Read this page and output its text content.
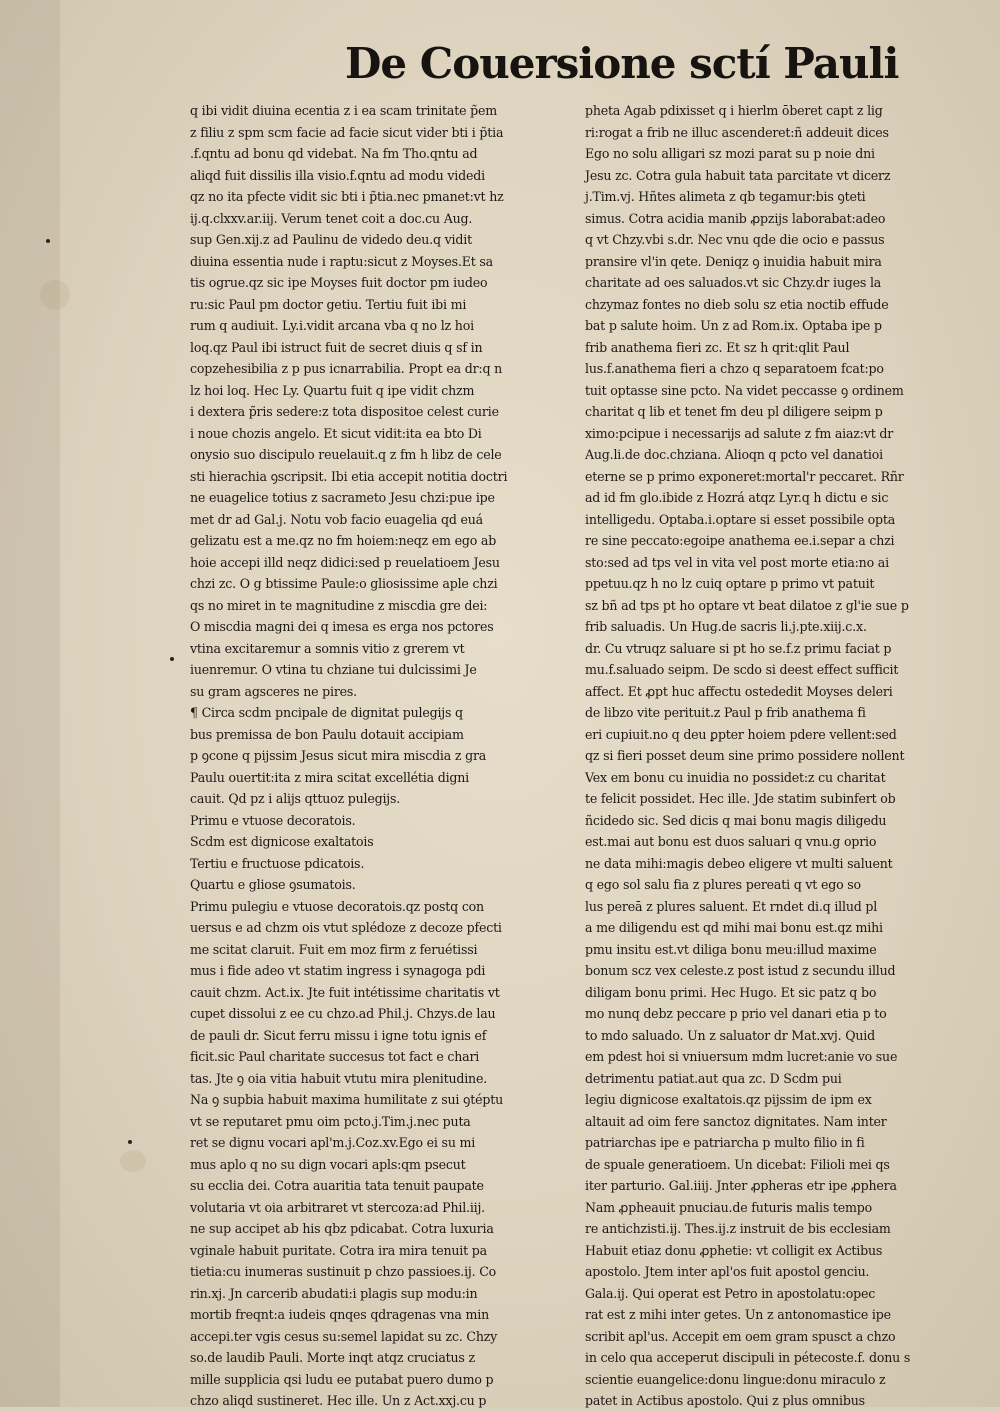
De Couersione sctí Pauli
q ibi vidit diuina ecentia z i ea scam trinitate p̃em
z filiu z spm scm facie ad facie sicut vider bti i p̃tia
.f.qntu ad bonu qd videbat. Na fm Tho.qntu ad
aliqd fuit dissilis illa visio.f.qntu ad modu videdi
qz no ita pfecte vidit sic bti i p̃tia.nec pmanet:vt hz
ij.q.clxxv.ar.iij. Verum tenet coit a doc.cu Aug.
sup Gen.xij.z ad Paulinu de videdo deu.q vidit
diuina essentia nude i raptu:sicut z Moyses.Et sa
tis ogrue.qz sic ipe Moyses fuit doctor pm iudeo
ru:sic Paul pm doctor getiu. Tertiu fuit ibi mi
rum q audiuit. Ly.i.vidit arcana vba q no lz hoi
loq.qz Paul ibi istruct fuit de secret diuis q sf in
copzehesibilia z p pus icnarrabilia. Propt ea dr:q n
lz hoi loq. Hec Ly. Quartu fuit q ipe vidit chzm
i dextera p̃ris sedere:z tota dispositoe celest curie
i noue chozis angelo. Et sicut vidit:ita ea bto Di
onysio suo discipulo reuelauit.q z fm h libz de cele
sti hierachia ꝯscripsit. Ibi etia accepit notitia doctri
ne euagelice totius z sacrameto Jesu chzi:pue ipe
met dr ad Gal.j. Notu vob facio euagelia qd euá
gelizatu est a me.qz no fm hoiem:neqz em ego ab
hoie accepi illd neqz didici:sed p reuelatioem Jesu
chzi zc. O g btissime Paule:o gliosissime aple chzi
qs no miret in te magnitudine z miscdia gre dei:
O miscdia magni dei q imesa es erga nos pctores
vtina excitaremur a somnis vitio z grerem vt
iuenremur. O vtina tu chziane tui dulcissimi Je
su gram agsceres ne pires.
¶ Circa scdm pncipale de dignitat pulegijs q
bus premissa de bon Paulu dotauit accipiam
p ꝯcone q pijssim Jesus sicut mira miscdia z gra
Paulu ouertit:ita z mira scitat excellétia digni
cauit. Qd pz i alijs qttuoz pulegijs.
Primu e vtuose decoratois.
Scdm est dignicose exaltatois
Tertiu e fructuose pdicatois.
Quartu e gliose ꝯsumatois.
Primu pulegiu e vtuose decoratois.qz postq con
uersus e ad chzm ois vtut splédoze z decoze pfecti
me scitat claruit. Fuit em moz firm z feruétissi
mus i fide adeo vt statim ingress i synagoga pdi
cauit chzm. Act.ix. Jte fuit intétissime charitatis vt
cupet dissolui z ee cu chzo.ad Phil.j. Chzys.de lau
de pauli dr. Sicut ferru missu i igne totu ignis ef
ficit.sic Paul charitate succesus tot fact e chari
tas. Jte ꝯ oia vitia habuit vtutu mira plenitudine.
Na ꝯ supbia habuit maxima humilitate z sui ꝯtéptu
vt se reputaret pmu oim pcto.j.Tim.j.nec puta
ret se dignu vocari apl'm.j.Coz.xv.Ego ei su mi
mus aplo q no su dign vocari apls:qm psecut
su ecclia dei. Cotra auaritia tata tenuit paupate
volutaria vt oia arbitraret vt stercoza:ad Phil.iij.
ne sup accipet ab his qbz pdicabat. Cotra luxuria
vginale habuit puritate. Cotra ira mira tenuit pa
tietia:cu inumeras sustinuit p chzo passioes.ij. Co
rin.xj. Jn carcerib abudati:i plagis sup modu:in
mortib freqnt:a iudeis qnqes qdragenas vna min
accepi.ter vgis cesus su:semel lapidat su zc. Chzy
so.de laudib Pauli. Morte inqt atqz cruciatus z
mille supplicia qsi ludu ee putabat puero dumo p
chzo aliqd sustineret. Hec ille. Un z Act.xxj.cu p
pheta Agab pdixisset q i hierlm ōberet capt z lig
ri:rogat a frib ne illuc ascenderet:ñ addeuit dices
Ego no solu alligari sz mozi parat su p noie dni
Jesu zc. Cotra gula habuit tata parcitate vt dicerz
j.Tim.vj. Hñtes alimeta z qb tegamur:bis ꝯteti
simus. Cotra acidia manib ꝓpzijs laborabat:adeo
q vt Chzy.vbi s.dr. Nec vnu qde die ocio e passus
pransire vl'in qete. Deniqz ꝯ inuidia habuit mira
charitate ad oes saluados.vt sic Chzy.dr iuges la
chzymaz fontes no dieb solu sz etia noctib effude
bat p salute hoim. Un z ad Rom.ix. Optaba ipe p
frib anathema fieri zc. Et sz h qrit:qlit Paul
lus.f.anathema fieri a chzo q separatoem fcat:po
tuit optasse sine pcto. Na videt peccasse ꝯ ordinem
charitat q lib et tenet fm deu pl diligere seipm p
ximo:pcipue i necessarijs ad salute z fm aiaz:vt dr
Aug.li.de doc.chziana. Alioqn q pcto vel danatioi
eterne se p primo exponeret:mortal'r peccaret. Rñr
ad id fm glo.ibide z Hozrá atqz Lyr.q h dictu e sic
intelligedu. Optaba.i.optare si esset possibile opta
re sine peccato:egoipe anathema ee.i.separ a chzi
sto:sed ad tps vel in vita vel post morte etia:no ai
ppetuu.qz h no lz cuiq optare p primo vt patuit
sz bñ ad tps pt ho optare vt beat dilatoe z gl'ie sue p
frib saluadis. Un Hug.de sacris li.j.pte.xiij.c.x.
dr. Cu vtruqz saluare si pt ho se.f.z primu faciat p
mu.f.saluado seipm. De scdo si deest effect sufficit
affect. Et ꝓpt huc affectu ostededit Moyses deleri
de libzo vite perituit.z Paul p frib anathema fi
eri cupiuit.no q deu ꝑpter hoiem pdere vellent:sed
qz si fieri posset deum sine primo possidere nollent
Vex em bonu cu inuidia no possidet:z cu charitat
te felicit possidet. Hec ille. Jde statim subinfert ob
ñcidedo sic. Sed dicis q mai bonu magis diligedu
est.mai aut bonu est duos saluari q vnu.g oprio
ne data mihi:magis debeo eligere vt multi saluent
q ego sol salu fia z plures pereati q vt ego so
lus pereā z plures saluent. Et rndet di.q illud pl
a me diligendu est qd mihi mai bonu est.qz mihi
pmu insitu est.vt diliga bonu meu:illud maxime
bonum scz vex celeste.z post istud z secundu illud
diligam bonu primi. Hec Hugo. Et sic patz q bo
mo nunq debz peccare p prio vel danari etia p to
to mdo saluado. Un z saluator dr Mat.xvj. Quid
em pdest hoi si vniuersum mdm lucret:anie vo sue
detrimentu patiat.aut qua zc. D Scdm pui
legiu dignicose exaltatois.qz pijssim de ipm ex
altauit ad oim fere sanctoz dignitates. Nam inter
patriarchas ipe e patriarcha p multo filio in fi
de spuale generatioem. Un dicebat: Filioli mei qs
iter parturio. Gal.iiij. Jnter ꝓpheras etr ipe ꝓphera
Nam ꝓpheauit pnuciau.de futuris malis tempo
re antichzisti.ij. Thes.ij.z instruit de bis ecclesiam
Habuit etiaz donu ꝓphetie: vt colligit ex Actibus
apostolo. Jtem inter apl'os fuit apostol genciu.
Gala.ij. Qui operat est Petro in apostolatu:opec
rat est z mihi inter getes. Un z antonomastice ipe
scribit apl'us. Accepit em oem gram spusct a chzo
in celo qua acceperut discipuli in pétecoste.f. donu s
scientie euangelice:donu lingue:donu miraculo z
patet in Actibus apostolo. Qui z plus omnibus
